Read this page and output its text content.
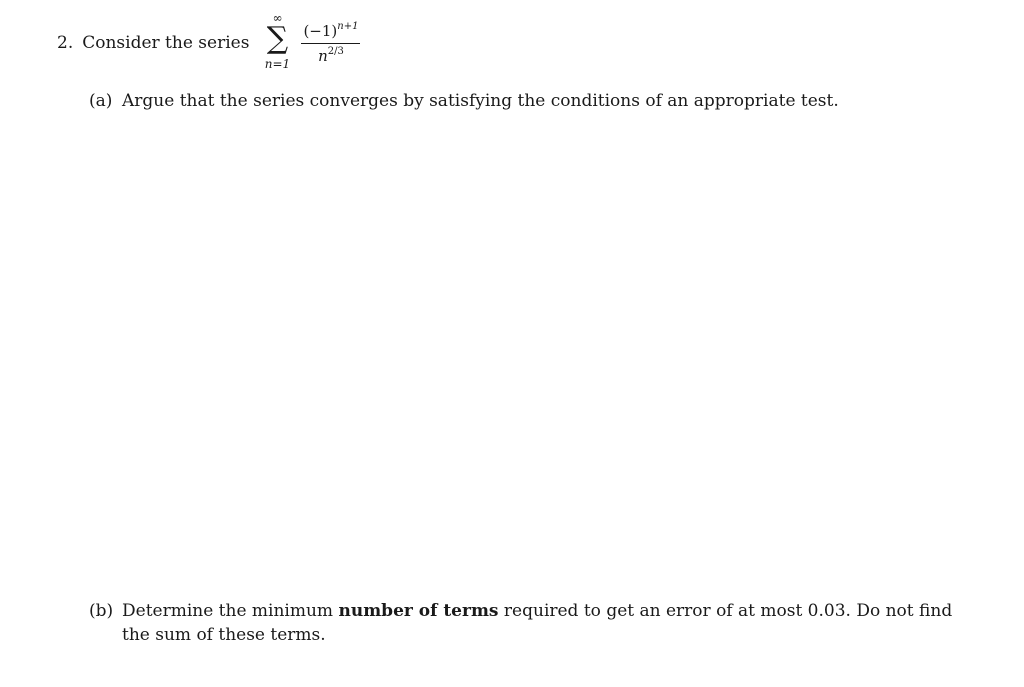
2. Consider the series
∞
∑
$n=1 \frac{(-1)^{n+1}}{n^{2/3}}$
(a) Argue that the series converges by satisfying the conditions of an appropriate test.
(b) Determine the minimum number of terms required to get an error of at most 0.03. Do not find the sum of these terms.
